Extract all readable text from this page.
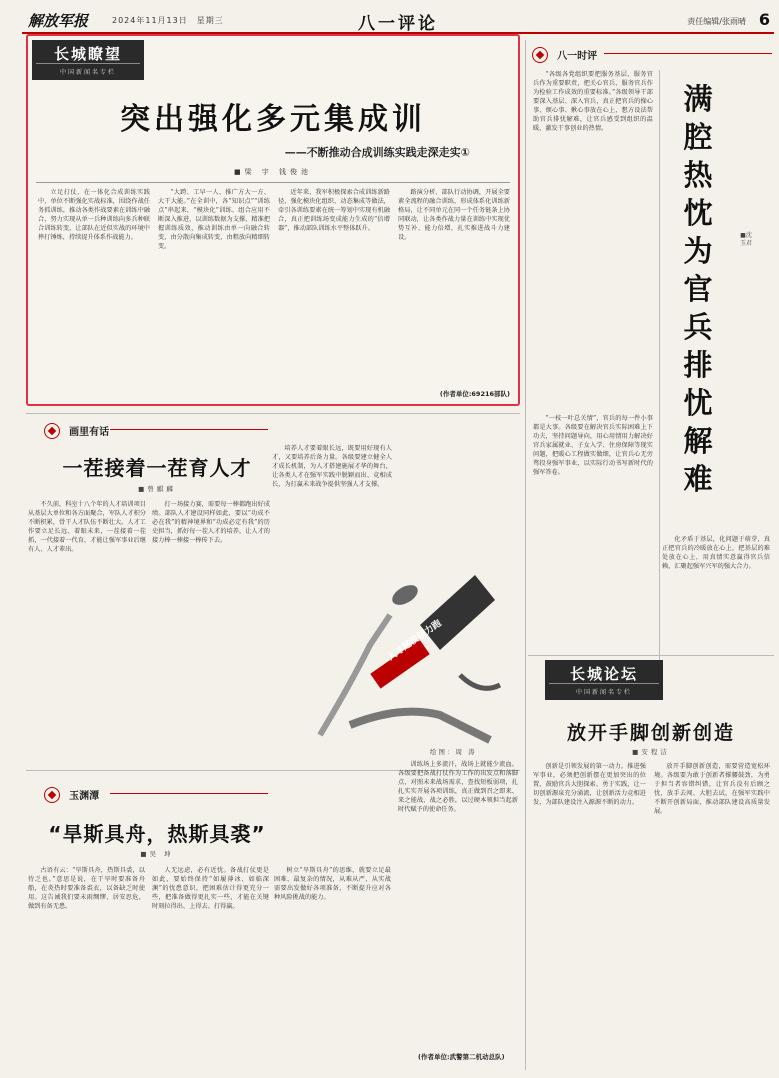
解放军报	2024年11月13日　星期三	八一评论	责任编辑/张雨晴 6
长城瞭望
中国新闻名专栏
突出强化多元集成训
——不断推动合成训练实践走深走实①
■梁 宇 钱俊池

立足打仗、在一体化合成训练实践中，单位不断强化实战标准，围绕作战任务抓训练，推动各类作战要素在训练中融合，努力实现从单一兵种训练向多兵种联合训练转变，让部队在近似实战的环境中摔打锤炼，持续提升体系作战能力。

“大跨、工早一人、推广方大一方、大干大能。”在全训中，各“知识点”“训练点”串起来，“模块化”训练、组合应用不断深入推进，以训练数据为支撑，精准把握训练质效，推动训练由单一向融合转变，由分散向集成转变，由粗放向精细转变。

近年来，我军积极探索合成训练新路径，强化模块化组织、动态集成等做法，牵引各训练要素在统一筹划中实现有机融合，真正把训练场变成能力生成的“倍增器”，推动部队训练水平整体跃升。

路演分析、部队行动协调，开展全要素全流程的融合训练，形成体系化训练新格局，让不同单元在同一个任务链条上协同联动，让各类作战力量在训练中实现优势互补、能力倍增，扎实推进战斗力建设。

(作者单位:69216部队)
八一时评

“各级各党组织要把服务基层、服务官兵作为重要职责，把关心官兵、服务官兵作为检验工作成效的重要标准。”各级领导干部要深入基层、深入官兵，真正把官兵的操心事、烦心事、揪心事放在心上，想方设法帮助官兵排忧解难，让官兵感受到组织的温暖，激发干事创业的热情。

满腔热忱为官兵排忧解难
■沈玉君

“一枝一叶总关情”，官兵的每一件小事都是大事。各级要在解决官兵实际困难上下功夫，坚持问题导向，用心用情用力解决好官兵家属就业、子女入学、住房保障等现实问题，把暖心工程做实做细，让官兵心无旁骛投身强军事业，以实际行动书写新时代的强军答卷。

化矛盾于基层，化问题于萌芽，真正把官兵的冷暖放在心上，把基层的难处放在心上，用真情实意赢得官兵信赖，汇聚起强军兴军的强大合力。

画里有话
一茬接着一茬育人才
■曾麒麟

不久前，科室十八个年的人才培训项目从基层大单位和各方面聚合，军队人才积分不断积累，骨干人才队伍不断壮大。人才工作要立足长远、着眼未来，一茬接着一茬抓，一代接着一代育，才能让强军事业后继有人、人才辈出。

打一场接力赛，需要每一棒都跑出好成绩。部队人才建设同样如此，要以“功成不必在我”的精神境界和“功成必定有我”的历史担当，抓好每一茬人才的培养，让人才的接力棒一棒接一棒传下去。

培养人才要着眼长远，既要用好现有人才，又要培养后备力量。各级要建立健全人才成长机制，为人才搭建施展才华的舞台，让各类人才在强军实践中脱颖而出、竞相成长，为打赢未来战争提供坚强人才支撑。

人才建设接力跑
绘图：周 涛
玉渊潭
“旱斯具舟，热斯具裘”
■吴 坤

古语有云：“旱斯具舟，热斯具裘，以待乏也。”意思是说，在干旱时要准备舟船，在炎热时要准备裘衣，以备缺乏时使用。这告诫我们要未雨绸缪、居安思危，做到有备无患。

人无远虑，必有近忧。备战打仗更是如此，要始终保持“如履薄冰、如临深渊”的忧患意识，把困难估计得更充分一些，把准备做得更扎实一些，才能在关键时刻拉得出、上得去、打得赢。

树立“旱斯具舟”的思维，就要立足最困难、最复杂的情况，从难从严、从实战需要出发做好各项准备，不断提升应对各种风险挑战的能力。

训练场上多流汗，战场上就能少流血。各级要把备战打仗作为工作的出发点和落脚点，对照未来战场需求，查找短板弱项，扎扎实实开展各项训练，真正做到召之即来、来之能战、战之必胜，以过硬本领担当起新时代赋予的使命任务。

(作者单位:武警第二机动总队)
长城论坛
中国新闻名专栏
放开手脚创新创造
■安程洁

创新是引领发展的第一动力。推进强军事业，必须把创新摆在更加突出的位置，鼓励官兵大胆探索、勇于实践，让一切创新源泉充分涌流，让创新活力竞相迸发，为部队建设注入源源不断的动力。

放开手脚创新创造，需要营造宽松环境。各级要为敢于创新者撑腰鼓劲，为勇于担当者容错纠错，让官兵没有后顾之忧，放手去闯、大胆去试，在强军实践中不断开创新局面，推动部队建设高质量发展。
